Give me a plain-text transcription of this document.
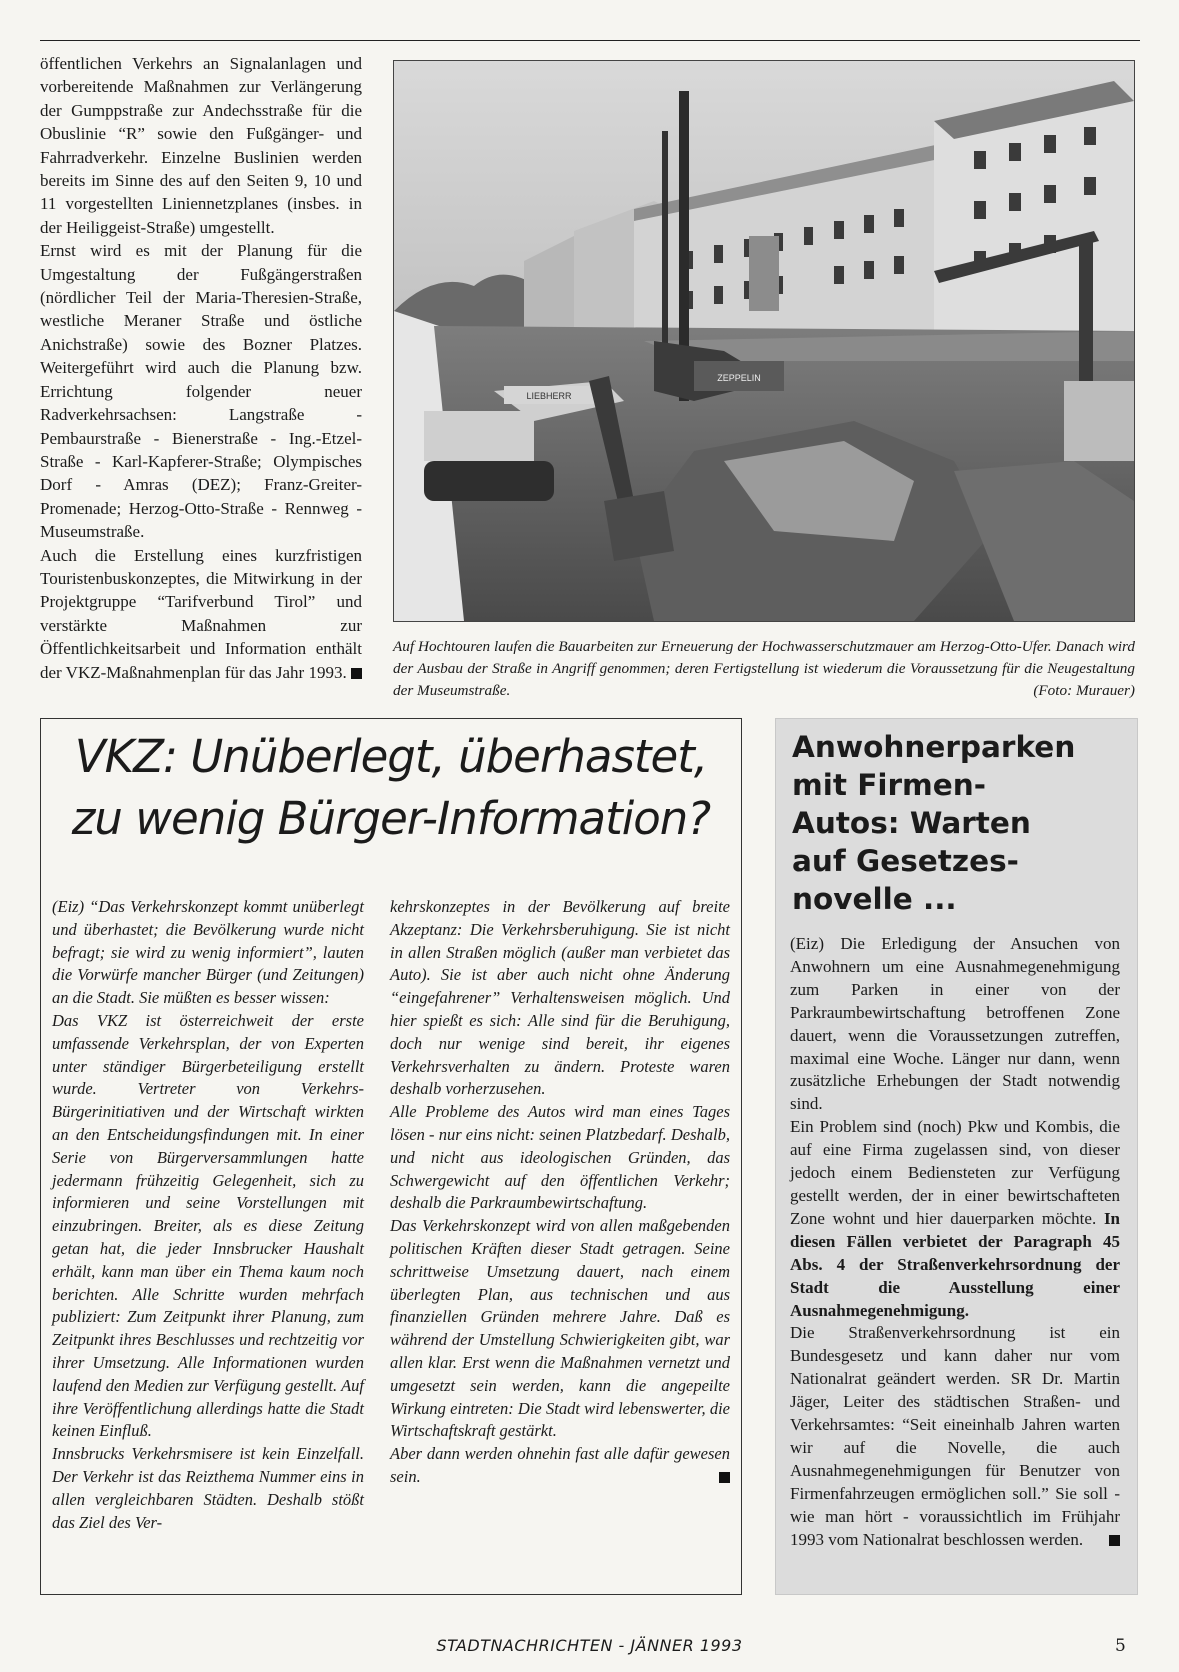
öffentlichen Verkehrs an Signalanlagen und vorbereitende Maßnahmen zur Verlängerung der Gumppstraße zur Andechsstraße für die Obuslinie “R” sowie den Fußgänger- und Fahrradverkehr. Einzelne Buslinien werden bereits im Sinne des auf den Seiten 9, 10 und 11 vorgestellten Liniennetzplanes (insbes. in der Heiliggeist-Straße) umgestellt.

Ernst wird es mit der Planung für die Umgestaltung der Fußgängerstraßen (nördlicher Teil der Maria-Theresien-Straße, westliche Meraner Straße und östliche Anichstraße) sowie des Bozner Platzes. Weitergeführt wird auch die Planung bzw. Errichtung folgender neuer Radverkehrsachsen: Langstraße - Pembaurstraße - Bienerstraße - Ing.-Etzel-Straße - Karl-Kapferer-Straße; Olympisches Dorf - Amras (DEZ); Franz-Greiter-Promenade; Herzog-Otto-Straße - Rennweg - Museumstraße.

Auch die Erstellung eines kurzfristigen Touristenbuskonzeptes, die Mitwirkung in der Projektgruppe “Tarifverbund Tirol” und verstärkte Maßnahmen zur Öffentlichkeitsarbeit und Information enthält der VKZ-Maßnahmenplan für das Jahr 1993.

ZEPPELIN
LIEBHERR

Auf Hochtouren laufen die Bauarbeiten zur Erneuerung der Hochwasserschutzmauer am Herzog-Otto-Ufer. Danach wird der Ausbau der Straße in Angriff genommen; deren Fertigstellung ist wiederum die Voraussetzung für die Neugestaltung der Museumstraße.	(Foto: Murauer)

VKZ: Unüberlegt, überhastet,
zu wenig Bürger-Information?

(Eiz) “Das Verkehrskonzept kommt unüberlegt und überhastet; die Bevölkerung wurde nicht befragt; sie wird zu wenig informiert”, lauten die Vorwürfe mancher Bürger (und Zeitungen) an die Stadt. Sie müßten es besser wissen:

Das VKZ ist österreichweit der erste umfassende Verkehrsplan, der von Experten unter ständiger Bürgerbeteiligung erstellt wurde. Vertreter von Verkehrs-Bürgerinitiativen und der Wirtschaft wirkten an den Entscheidungsfindungen mit. In einer Serie von Bürgerversammlungen hatte jedermann frühzeitig Gelegenheit, sich zu informieren und seine Vorstellungen mit einzubringen. Breiter, als es diese Zeitung getan hat, die jeder Innsbrucker Haushalt erhält, kann man über ein Thema kaum noch berichten. Alle Schritte wurden mehrfach publiziert: Zum Zeitpunkt ihrer Planung, zum Zeitpunkt ihres Beschlusses und rechtzeitig vor ihrer Umsetzung. Alle Informationen wurden laufend den Medien zur Verfügung gestellt. Auf ihre Veröffentlichung allerdings hatte die Stadt keinen Einfluß.

Innsbrucks Verkehrsmisere ist kein Einzelfall. Der Verkehr ist das Reizthema Nummer eins in allen vergleichbaren Städten. Deshalb stößt das Ziel des Ver-

kehrskonzeptes in der Bevölkerung auf breite Akzeptanz: Die Verkehrsberuhigung. Sie ist nicht in allen Straßen möglich (außer man verbietet das Auto). Sie ist aber auch nicht ohne Änderung “eingefahrener” Verhaltensweisen möglich. Und hier spießt es sich: Alle sind für die Beruhigung, doch nur wenige sind bereit, ihr eigenes Verkehrsverhalten zu ändern. Proteste waren deshalb vorherzusehen.

Alle Probleme des Autos wird man eines Tages lösen - nur eins nicht: seinen Platzbedarf. Deshalb, und nicht aus ideologischen Gründen, das Schwergewicht auf den öffentlichen Verkehr; deshalb die Parkraumbewirtschaftung.

Das Verkehrskonzept wird von allen maßgebenden politischen Kräften dieser Stadt getragen. Seine schrittweise Umsetzung dauert, nach einem überlegten Plan, aus technischen und aus finanziellen Gründen mehrere Jahre. Daß es während der Umstellung Schwierigkeiten gibt, war allen klar. Erst wenn die Maßnahmen vernetzt und umgesetzt sein werden, kann die angepeilte Wirkung eintreten: Die Stadt wird lebenswerter, die Wirtschaftskraft gestärkt.

Aber dann werden ohnehin fast alle dafür gewesen sein.

Anwohnerparken
mit Firmen-
Autos: Warten
auf Gesetzes-
novelle ...

(Eiz) Die Erledigung der Ansuchen von Anwohnern um eine Ausnahmegenehmigung zum Parken in einer von der Parkraumbewirtschaftung betroffenen Zone dauert, wenn die Voraussetzungen zutreffen, maximal eine Woche. Länger nur dann, wenn zusätzliche Erhebungen der Stadt notwendig sind.

Ein Problem sind (noch) Pkw und Kombis, die auf eine Firma zugelassen sind, von dieser jedoch einem Bediensteten zur Verfügung gestellt werden, der in einer bewirtschafteten Zone wohnt und hier dauerparken möchte. In diesen Fällen verbietet der Paragraph 45 Abs. 4 der Straßenverkehrsordnung der Stadt die Ausstellung einer Ausnahmegenehmigung.

Die Straßenverkehrsordnung ist ein Bundesgesetz und kann daher nur vom Nationalrat geändert werden. SR Dr. Martin Jäger, Leiter des städtischen Straßen- und Verkehrsamtes: “Seit eineinhalb Jahren warten wir auf die Novelle, die auch Ausnahmegenehmigungen für Benutzer von Firmenfahrzeugen ermöglichen soll.” Sie soll - wie man hört - voraussichtlich im Frühjahr 1993 vom Nationalrat beschlossen werden.

STADTNACHRICHTEN - JÄNNER 1993	5
